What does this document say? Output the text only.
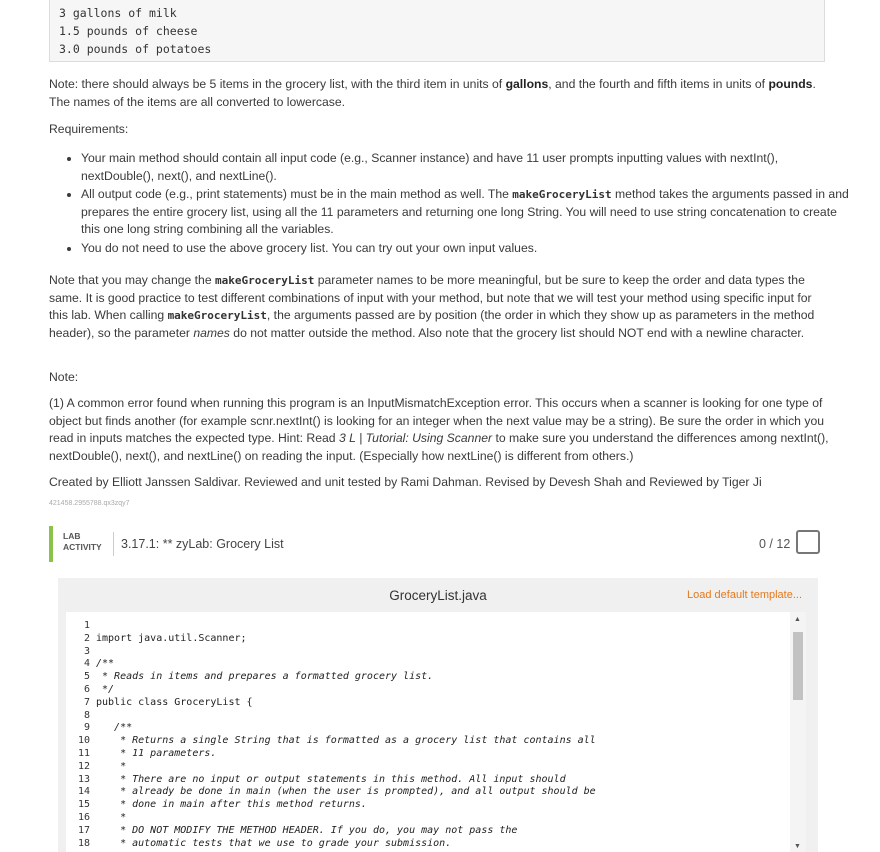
3 gallons of milk
1.5 pounds of cheese
3.0 pounds of potatoes

Note: there should always be 5 items in the grocery list, with the third item in units of gallons, and the fourth and fifth items in units of pounds. The names of the items are all converted to lowercase.

Requirements:

• Your main method should contain all input code (e.g., Scanner instance) and have 11 user prompts inputting values with nextInt(), nextDouble(), next(), and nextLine().
• All output code (e.g., print statements) must be in the main method as well. The makeGroceryList method takes the arguments passed in and prepares the entire grocery list, using all the 11 parameters and returning one long String. You will need to use string concatenation to create this one long string combining all the variables.
• You do not need to use the above grocery list. You can try out your own input values.

Note that you may change the makeGroceryList parameter names to be more meaningful, but be sure to keep the order and data types the same. It is good practice to test different combinations of input with your method, but note that we will test your method using specific input for this lab. When calling makeGroceryList, the arguments passed are by position (the order in which they show up as parameters in the method header), so the parameter names do not matter outside the method. Also note that the grocery list should NOT end with a newline character.

Note:

(1) A common error found when running this program is an InputMismatchException error. This occurs when a scanner is looking for one type of object but finds another (for example scnr.nextInt() is looking for an integer when the next value may be a string). Be sure the order in which you read in inputs matches the expected type. Hint: Read 3 L | Tutorial: Using Scanner to make sure you understand the differences among nextInt(), nextDouble(), next(), and nextLine() on reading the input. (Especially how nextLine() is different from others.)

Created by Elliott Janssen Saldivar. Reviewed and unit tested by Rami Dahman. Revised by Devesh Shah and Reviewed by Tiger Ji

421458.2955788.qx3zqy7
LAB
ACTIVITY 3.17.1: ** zyLab: Grocery List	0 / 12
GroceryList.java	Load default template...
1
2
3
4
5
6
7
8
9
10
11
12
13
14
15
16
17
18
import java.util.Scanner;
/**
* Reads in items and prepares a formatted grocery list.
*/
public class GroceryList {
/**
* Returns a single String that is formatted as a grocery list that contains all
* 11 parameters.
*
* There are no input or output statements in this method. All input should
* already be done in main (when the user is prompted), and all output should be
* done in main after this method returns.
*
* DO NOT MODIFY THE METHOD HEADER. If you do, you may not pass the
* automatic tests that we use to grade your submission.
▲
▼
